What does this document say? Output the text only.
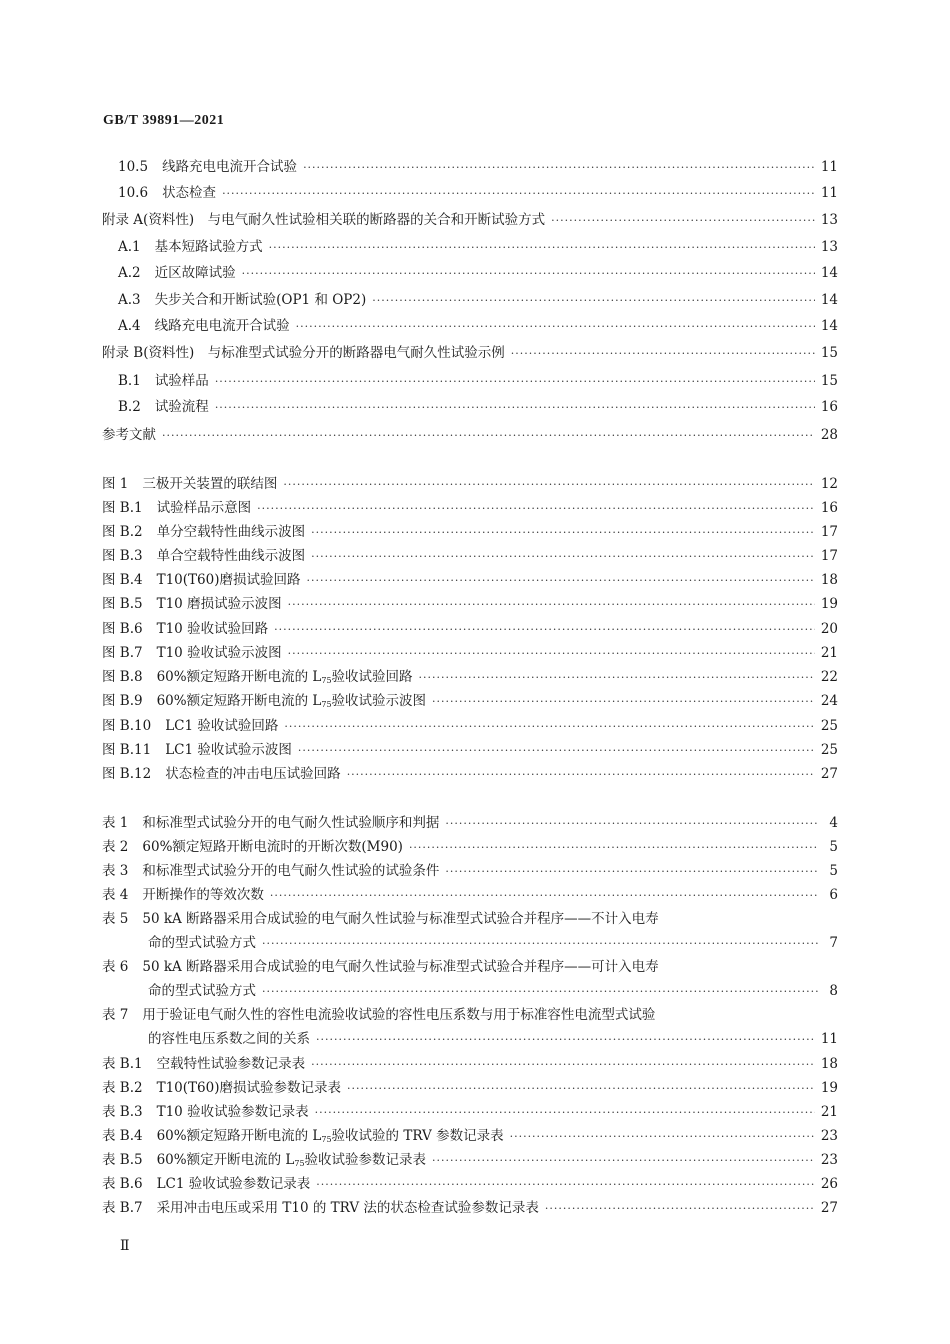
GB/T 39891—2021
10.5 线路充电电流开合试验 ·····	11
10.6 状态检查 ·····	11
附录 A(资料性)　与电气耐久性试验相关联的断路器的关合和开断试验方式 ·····	13
A.1 基本短路试验方式 ·····	13
A.2 近区故障试验 ·····	14
A.3 失步关合和开断试验(OP1 和 OP2) ·····	14
A.4 线路充电电流开合试验 ·····	14
附录 B(资料性)　与标准型式试验分开的断路器电气耐久性试验示例 ·····	15
B.1 试验样品 ·····	15
B.2 试验流程 ·····	16
参考文献 ·····	28
图 1 三极开关装置的联结图 ·····	12
图 B.1 试验样品示意图 ·····	16
图 B.2 单分空载特性曲线示波图 ·····	17
图 B.3 单合空载特性曲线示波图 ·····	17
图 B.4 T10(T60)磨损试验回路 ·····	18
图 B.5 T10 磨损试验示波图 ·····	19
图 B.6 T10 验收试验回路 ·····	20
图 B.7 T10 验收试验示波图 ·····	21
图 B.8 60%额定短路开断电流的 $L_{75}$验收试验回路 ·····	22
图 B.9 60%额定短路开断电流的 $L_{75}$验收试验示波图 ·····	24
图 B.10 LC1 验收试验回路 ·····	25
图 B.11 LC1 验收试验示波图 ·····	25
图 B.12 状态检查的冲击电压试验回路 ·····	27
表 1 和标准型式试验分开的电气耐久性试验顺序和判据 ·····	4
表 2 60%额定短路开断电流时的开断次数(M90) ·····	5
表 3 和标准型式试验分开的电气耐久性试验的试验条件 ·····	5
表 4 开断操作的等效次数 ·····	6
表 5 50 kA 断路器采用合成试验的电气耐久性试验与标准型式试验合并程序——不计入电寿
命的型式试验方式 ·····	7
表 6 50 kA 断路器采用合成试验的电气耐久性试验与标准型式试验合并程序——可计入电寿
命的型式试验方式 ·····	8
表 7 用于验证电气耐久性的容性电流验收试验的容性电压系数与用于标准容性电流型式试验
的容性电压系数之间的关系 ·····	11
表 B.1 空载特性试验参数记录表 ·····	18
表 B.2 T10(T60)磨损试验参数记录表 ·····	19
表 B.3 T10 验收试验参数记录表 ·····	21
表 B.4 60%额定短路开断电流的 $L_{75}$验收试验的 TRV 参数记录表 ·····	23
表 B.5 60%额定开断电流的 $L_{75}$验收试验参数记录表 ·····	23
表 B.6 LC1 验收试验参数记录表 ·····	26
表 B.7 采用冲击电压或采用 T10 的 TRV 法的状态检查试验参数记录表 ·····	27
Ⅱ
